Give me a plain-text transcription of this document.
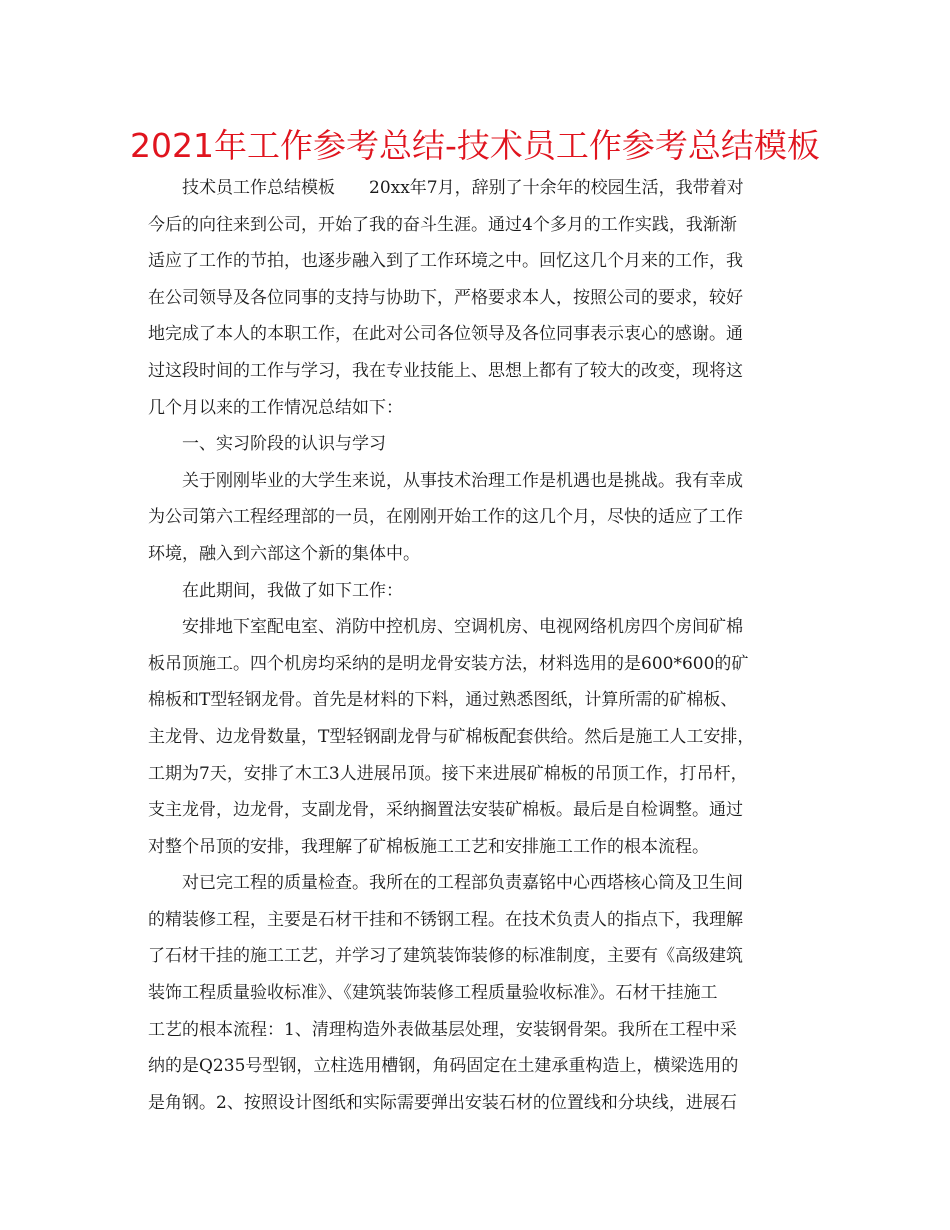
2021年工作参考总结-技术员工作参考总结模板
技术员工作总结模板　　20xx年7月，辞别了十余年的校园生活，我带着对
今后的向往来到公司，开始了我的奋斗生涯。通过4个多月的工作实践，我渐渐
适应了工作的节拍，也逐步融入到了工作环境之中。回忆这几个月来的工作，我
在公司领导及各位同事的支持与协助下，严格要求本人，按照公司的要求，较好
地完成了本人的本职工作，在此对公司各位领导及各位同事表示衷心的感谢。通
过这段时间的工作与学习，我在专业技能上、思想上都有了较大的改变，现将这
几个月以来的工作情况总结如下：
一、实习阶段的认识与学习
关于刚刚毕业的大学生来说，从事技术治理工作是机遇也是挑战。我有幸成
为公司第六工程经理部的一员，在刚刚开始工作的这几个月，尽快的适应了工作
环境，融入到六部这个新的集体中。
在此期间，我做了如下工作：
安排地下室配电室、消防中控机房、空调机房、电视网络机房四个房间矿棉
板吊顶施工。四个机房均采纳的是明龙骨安装方法，材料选用的是600*600的矿
棉板和T型轻钢龙骨。首先是材料的下料，通过熟悉图纸，计算所需的矿棉板、
主龙骨、边龙骨数量，T型轻钢副龙骨与矿棉板配套供给。然后是施工人工安排，
工期为7天，安排了木工3人进展吊顶。接下来进展矿棉板的吊顶工作，打吊杆，
支主龙骨，边龙骨，支副龙骨，采纳搁置法安装矿棉板。最后是自检调整。通过
对整个吊顶的安排，我理解了矿棉板施工工艺和安排施工工作的根本流程。
对已完工程的质量检查。我所在的工程部负责嘉铭中心西塔核心筒及卫生间
的精装修工程，主要是石材干挂和不锈钢工程。在技术负责人的指点下，我理解
了石材干挂的施工工艺，并学习了建筑装饰装修的标准制度，主要有《高级建筑
装饰工程质量验收标准》、《建筑装饰装修工程质量验收标准》。石材干挂施工
工艺的根本流程：1、清理构造外表做基层处理，安装钢骨架。我所在工程中采
纳的是Q235号型钢，立柱选用槽钢，角码固定在土建承重构造上，横梁选用的
是角钢。2、按照设计图纸和实际需要弹出安装石材的位置线和分块线，进展石
